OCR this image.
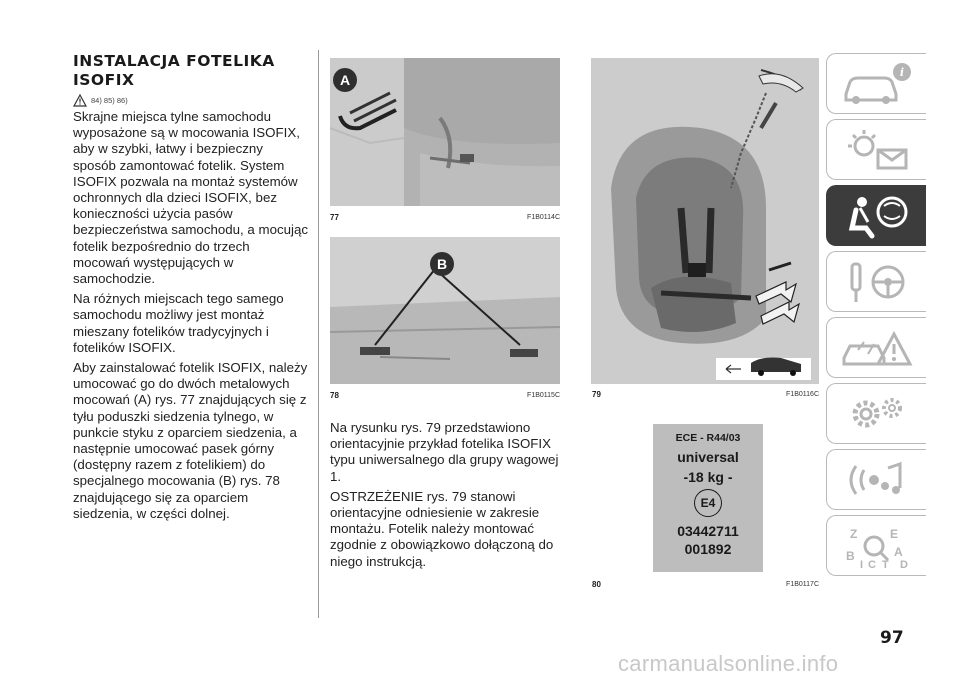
INSTALACJA FOTELIKA
ISOFIX
84) 85) 86)

Skrajne miejsca tylne samochodu wyposażone są w mocowania ISOFIX, aby w szybki, łatwy i bezpieczny sposób zamontować fotelik. System ISOFIX pozwala na montaż systemów ochronnych dla dzieci ISOFIX, bez konieczności użycia pasów bezpieczeństwa samochodu, a mocując fotelik bezpośrednio do trzech mocowań występujących w samochodzie.

Na różnych miejscach tego samego samochodu możliwy jest montaż mieszany fotelików tradycyjnych i fotelików ISOFIX.

Aby zainstalować fotelik ISOFIX, należy umocować go do dwóch metalowych mocowań (A) rys. 77 znajdujących się z tyłu poduszki siedzenia tylnego, w punkcie styku z oparciem siedzenia, a następnie umocować pasek górny (dostępny razem z fotelikiem) do specjalnego mocowania (B) rys. 78 znajdującego się za oparciem siedzenia, w części dolnej.

A
77	F1B0114C
B
78	F1B0115C

Na rysunku rys. 79 przedstawiono orientacyjnie przykład fotelika ISOFIX typu uniwersalnego dla grupy wagowej 1.

OSTRZEŻENIE rys. 79 stanowi orientacyjne odniesienie w zakresie montażu. Fotelik należy montować zgodnie z obowiązkowo dołączoną do niego instrukcją.

79	F1B0116C
ECE - R44/03
universal
-18 kg -
E4
03442711
001892
80	F1B0117C
i
Z	E
B	A
I C T D
97
carmanualsonline.info
